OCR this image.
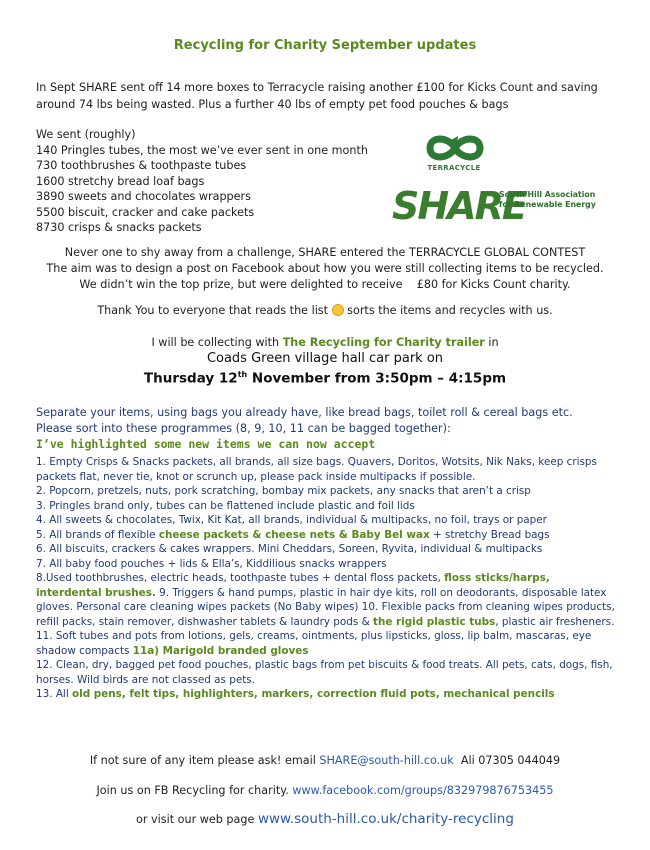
Recycling for Charity September updates
In Sept SHARE sent off 14 more boxes to Terracycle raising another £100 for Kicks Count and saving around 74 lbs being wasted. Plus a further 40 lbs of empty pet food pouches & bags
We sent (roughly)
140 Pringles tubes, the most we’ve ever sent in one month
730 toothbrushes & toothpaste tubes
1600 stretchy bread loaf bags
3890 sweets and chocolates wrappers
5500 biscuit, cracker and cake packets
8730 crisps & snacks packets
TERRACYCLE
SHARE
South Hill Association for Renewable Energy
Never one to shy away from a challenge, SHARE entered the TERRACYCLE GLOBAL CONTEST
The aim was to design a post on Facebook about how you were still collecting items to be recycled.
We didn’t win the top prize, but were delighted to receive    £80 for Kicks Count charity.
Thank You to everyone that reads the list sorts the items and recycles with us.
I will be collecting with The Recycling for Charity trailer in
Coads Green village hall car park on
Thursday 12th November from 3:50pm – 4:15pm
Separate your items, using bags you already have, like bread bags, toilet roll & cereal bags etc.
Please sort into these programmes (8, 9, 10, 11 can be bagged together):
I’ve highlighted some new items we can now accept

1. Empty Crisps & Snacks packets, all brands, all size bags. Quavers, Doritos, Wotsits, Nik Naks, keep crisps packets flat, never tie, knot or scrunch up, please pack inside multipacks if possible.

2. Popcorn, pretzels, nuts, pork scratching, bombay mix packets, any snacks that aren’t a crisp

3. Pringles brand only, tubes can be flattened include plastic and foil lids

4. All sweets & chocolates, Twix, Kit Kat, all brands, individual & multipacks, no foil, trays or paper

5. All brands of flexible cheese packets & cheese nets & Baby Bel wax + stretchy Bread bags

6. All biscuits, crackers & cakes wrappers. Mini Cheddars, Soreen, Ryvita, individual & multipacks

7. All baby food pouches + lids & Ella’s, Kiddilious snacks wrappers

8.Used toothbrushes, electric heads, toothpaste tubes + dental floss packets, floss sticks/harps, interdental brushes. 9. Triggers & hand pumps, plastic in hair dye kits, roll on deodorants, disposable latex gloves. Personal care cleaning wipes packets (No Baby wipes) 10. Flexible packs from cleaning wipes products, refill packs, stain remover, dishwasher tablets & laundry pods & the rigid plastic tubs, plastic air fresheners. 11. Soft tubes and pots from lotions, gels, creams, ointments, plus lipsticks, gloss, lip balm, mascaras, eye shadow compacts 11a) Marigold branded gloves

12. Clean, dry, bagged pet food pouches, plastic bags from pet biscuits & food treats. All pets, cats, dogs, fish, horses. Wild birds are not classed as pets.

13. All old pens, felt tips, highlighters, markers, correction fluid pots, mechanical pencils

If not sure of any item please ask! email SHARE@south-hill.co.uk  Ali 07305 044049
Join us on FB Recycling for charity. www.facebook.com/groups/832979876753455
or visit our web page www.south-hill.co.uk/charity-recycling
